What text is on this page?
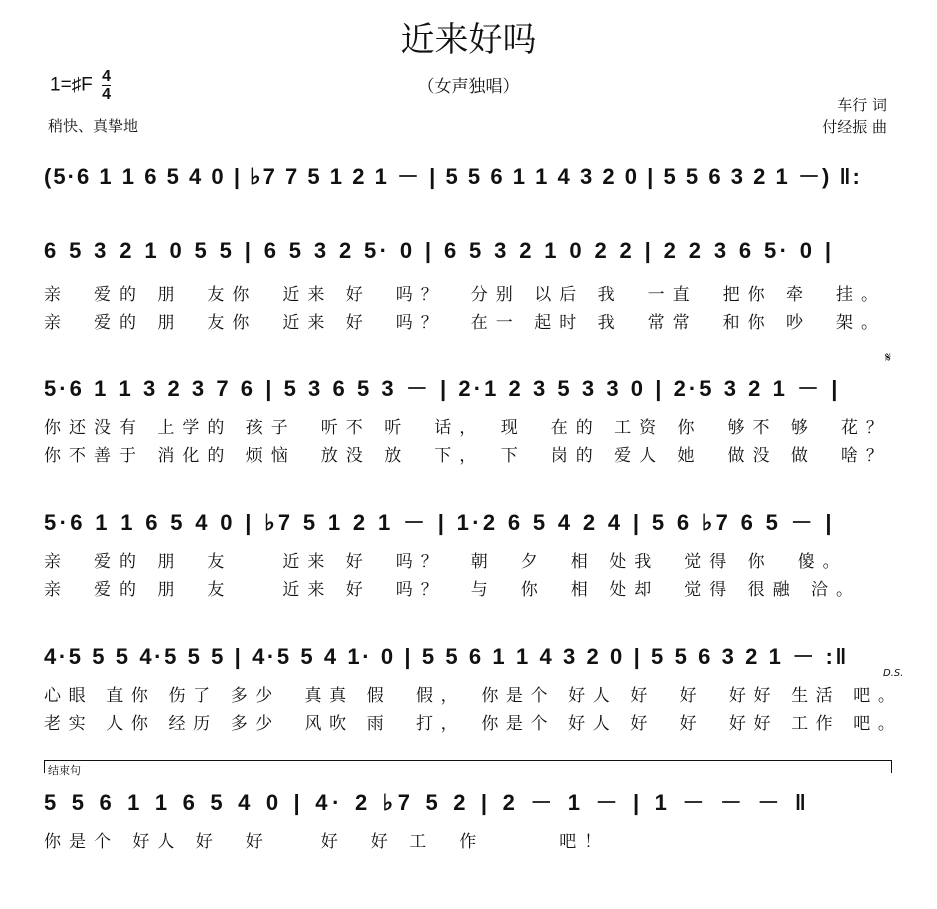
近来好吗
（女声独唱）
1=♯F $\frac{4}{4}$
稍快、真挚地
车行 词
付经振 曲
(5·6 1 1 6 5 4 0 | ♭7 7 5 1 2 1 － | 5 5 6 1 1 4 3 2 0 | 5 5 6 3 2 1 －) ‖:
6 5 3 2 1 0 5 5 | 6 5 3 2 5· 0 | 6 5 3 2 1 0 2 2 | 2 2 3 6 5· 0 |
亲　爱的 朋　友你　近来 好　吗？　分别 以后 我　一直　把你 牵　挂。
亲　爱的 朋　友你　近来 好　吗？　在一 起时 我　常常　和你 吵　架。
5·6 1 1 3 2 3 7 6 | 5 3 6 5 3 － | 2·1 2 3 5 3 3 0 | 2·5 3 2 1 － |
𝄋
你还没有 上学的 孩子　听不 听　话，　现　在的 工资 你　够不 够　花？
你不善于 消化的 烦恼　放没 放　下，　下　岗的 爱人 她　做没 做　啥？
5·6 1 1 6 5 4 0 | ♭7 5 1 2 1 － | 1·2 6 5 4 2 4 | 5 6 ♭7 6 5 － |
亲　爱的 朋　友　　近来 好　吗？　朝　夕　相 处我　觉得 你　傻。
亲　爱的 朋　友　　近来 好　吗？　与　你　相 处却　觉得 很融 洽。
4·5 5 5 4·5 5 5 | 4·5 5 4 1· 0 | 5 5 6 1 1 4 3 2 0 | 5 5 6 3 2 1 － :‖
D.S.
心眼 直你 伤了 多少　真真 假　假，　你是个 好人 好　好　好好 生活 吧。
老实 人你 经历 多少　风吹 雨　打，　你是个 好人 好　好　好好 工作 吧。
结束句
5 5 6 1 1 6 5 4 0 | 4· 2 ♭7 5 2 | 2 － 1 － | 1 － － － ‖
你是个 好人 好　好　　好　好 工　作　　　吧！
